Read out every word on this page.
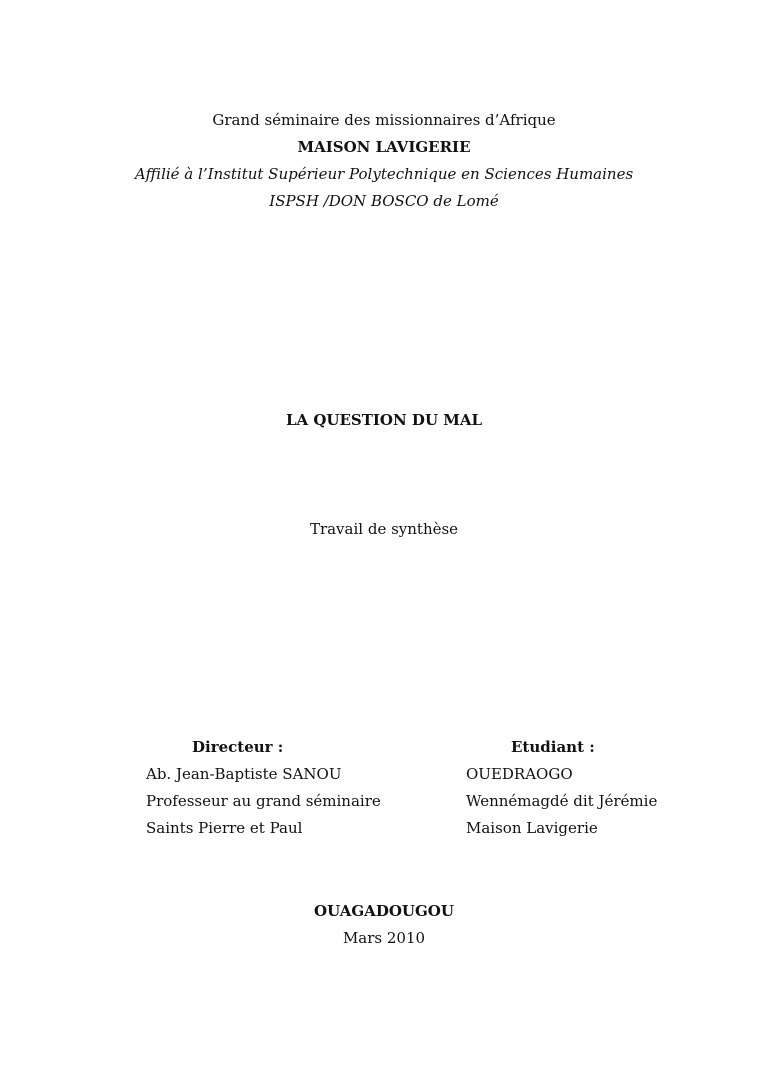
Grand séminaire des missionnaires d’Afrique
MAISON LAVIGERIE
Affilié à l’Institut Supérieur Polytechnique en Sciences Humaines
ISPSH /DON BOSCO de Lomé
LA QUESTION DU MAL
Travail de synthèse
Directeur :
Ab. Jean-Baptiste SANOU
Professeur au grand séminaire
Saints Pierre et Paul
Etudiant :
OUEDRAOGO
Wennémagdé dit Jérémie
Maison Lavigerie
OUAGADOUGOU
Mars 2010
